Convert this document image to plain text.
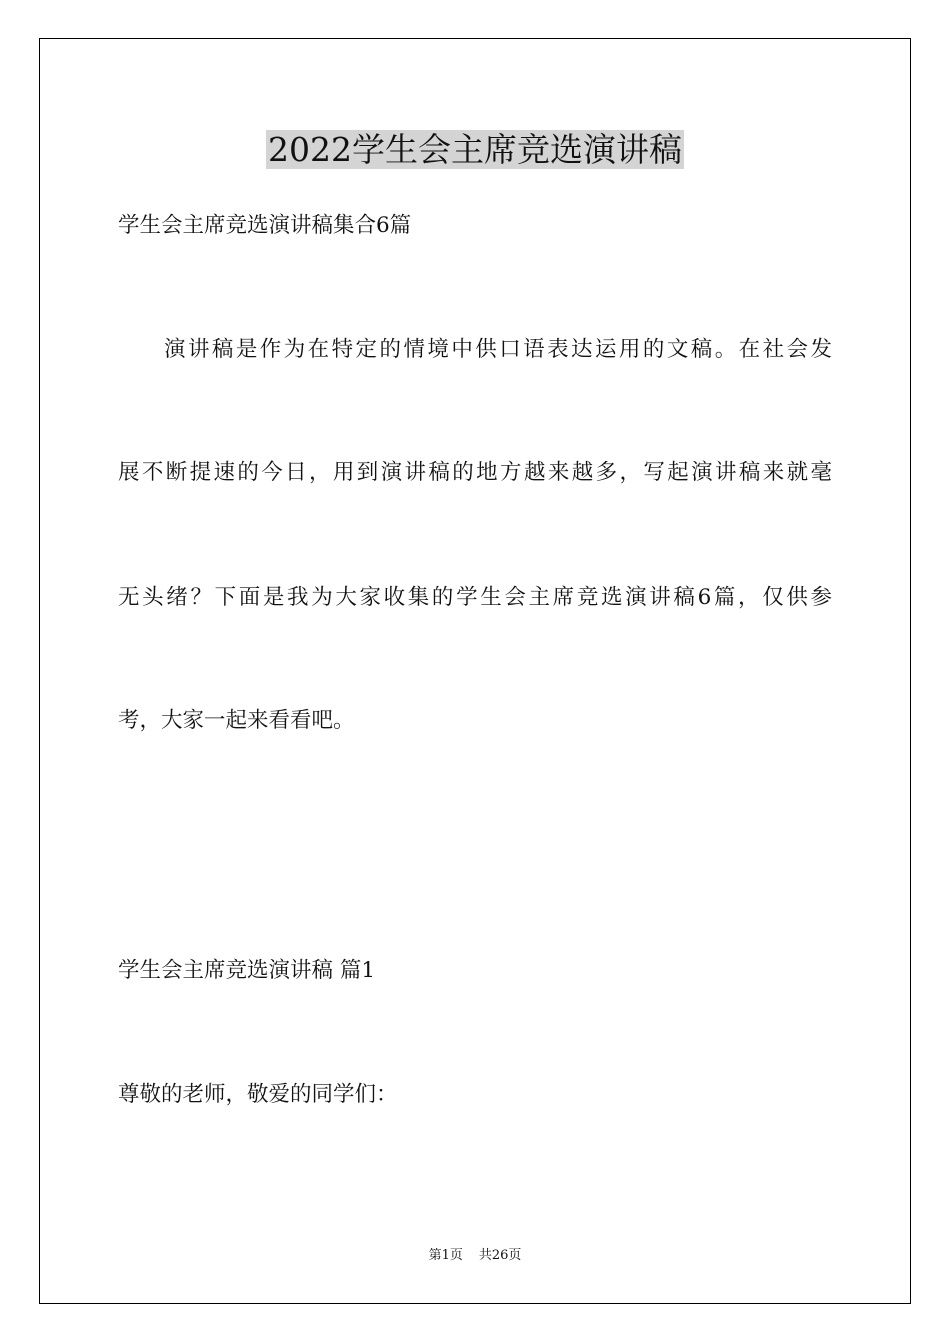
2022学生会主席竞选演讲稿

学生会主席竞选演讲稿集合6篇

演讲稿是作为在特定的情境中供口语表达运用的文稿。在社会发

展不断提速的今日，用到演讲稿的地方越来越多，写起演讲稿来就毫

无头绪？下面是我为大家收集的学生会主席竞选演讲稿6篇，仅供参

考，大家一起来看看吧。

学生会主席竞选演讲稿 篇1

尊敬的老师，敬爱的同学们：

第1页 共26页
